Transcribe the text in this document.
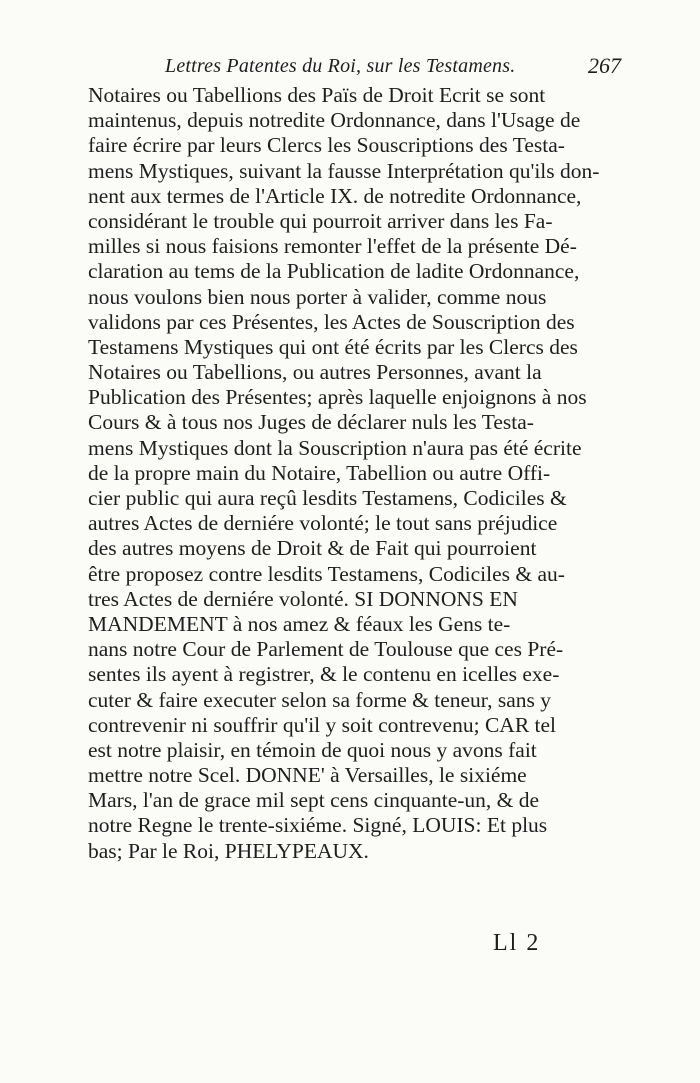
Lettres Patentes du Roi, sur les Testamens.	267
Notaires ou Tabellions des Païs de Droit Ecrit se sont
maintenus, depuis notredite Ordonnance, dans l'Usage de
faire écrire par leurs Clercs les Souscriptions des Testa-
mens Mystiques, suivant la fausse Interprétation qu'ils don-
nent aux termes de l'Article IX. de notredite Ordonnance,
considérant le trouble qui pourroit arriver dans les Fa-
milles si nous faisions remonter l'effet de la présente Dé-
claration au tems de la Publication de ladite Ordonnance,
nous voulons bien nous porter à valider, comme nous
validons par ces Présentes, les Actes de Souscription des
Testamens Mystiques qui ont été écrits par les Clercs des
Notaires ou Tabellions, ou autres Personnes, avant la
Publication des Présentes; après laquelle enjoignons à nos
Cours & à tous nos Juges de déclarer nuls les Testa-
mens Mystiques dont la Souscription n'aura pas été écrite
de la propre main du Notaire, Tabellion ou autre Offi-
cier public qui aura reçû lesdits Testamens, Codiciles &
autres Actes de derniére volonté; le tout sans préjudice
des autres moyens de Droit & de Fait qui pourroient
être proposez contre lesdits Testamens, Codiciles & au-
tres Actes de derniére volonté. SI DONNONS EN
MANDEMENT à nos amez & féaux les Gens te-
nans notre Cour de Parlement de Toulouse que ces Pré-
sentes ils ayent à registrer, & le contenu en icelles exe-
cuter & faire executer selon sa forme & teneur, sans y
contrevenir ni souffrir qu'il y soit contrevenu; CAR tel
est notre plaisir, en témoin de quoi nous y avons fait
mettre notre Scel. DONNE' à Versailles, le sixiéme
Mars, l'an de grace mil sept cens cinquante-un, & de
notre Regne le trente-sixiéme. Signé, LOUIS: Et plus
bas; Par le Roi, PHELYPEAUX.
Ll 2
